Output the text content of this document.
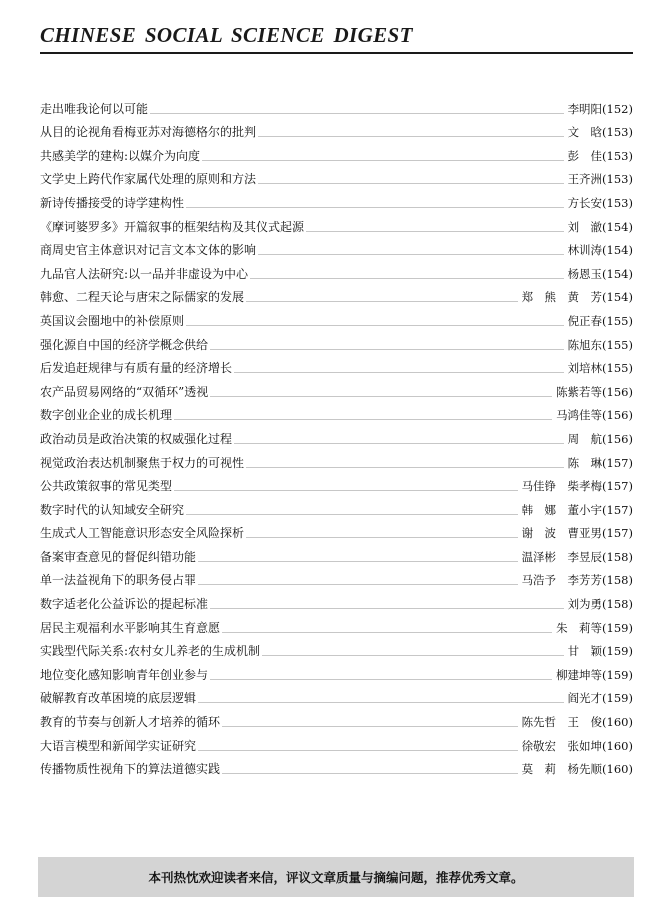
CHINESE SOCIAL SCIENCE DIGEST
走出唯我论何以可能	李明阳(152)
从目的论视角看梅亚苏对海德格尔的批判	文　晗(153)
共感美学的建构:以媒介为向度	彭　佳(153)
文学史上跨代作家属代处理的原则和方法	王齐洲(153)
新诗传播接受的诗学建构性	方长安(153)
《摩诃婆罗多》开篇叙事的框架结构及其仪式起源	刘　澈(154)
商周史官主体意识对记言文本文体的影响	林训涛(154)
九品官人法研究:以一品并非虚设为中心	杨恩玉(154)
韩愈、二程天论与唐宋之际儒家的发展	郑　熊　黄　芳(154)
英国议会圈地中的补偿原则	倪正春(155)
强化源自中国的经济学概念供给	陈旭东(155)
后发追赶规律与有质有量的经济增长	刘培林(155)
农产品贸易网络的“双循环”透视	陈紫若等(156)
数字创业企业的成长机理	马鸿佳等(156)
政治动员是政治决策的权威强化过程	周　航(156)
视觉政治表达机制聚焦于权力的可视性	陈　琳(157)
公共政策叙事的常见类型	马佳铮　柴孝梅(157)
数字时代的认知域安全研究	韩　娜　董小宇(157)
生成式人工智能意识形态安全风险探析	谢　波　曹亚男(157)
备案审查意见的督促纠错功能	温泽彬　李昱辰(158)
单一法益视角下的职务侵占罪	马浩予　李芳芳(158)
数字适老化公益诉讼的提起标准	刘为勇(158)
居民主观福利水平影响其生育意愿	朱　莉等(159)
实践型代际关系:农村女儿养老的生成机制	甘　颖(159)
地位变化感知影响青年创业参与	柳建坤等(159)
破解教育改革困境的底层逻辑	阎光才(159)
教育的节奏与创新人才培养的循环	陈先哲　王　俊(160)
大语言模型和新闻学实证研究	徐敬宏　张如坤(160)
传播物质性视角下的算法道德实践	莫　莉　杨先顺(160)
本刊热忱欢迎读者来信，评议文章质量与摘编问题，推荐优秀文章。
